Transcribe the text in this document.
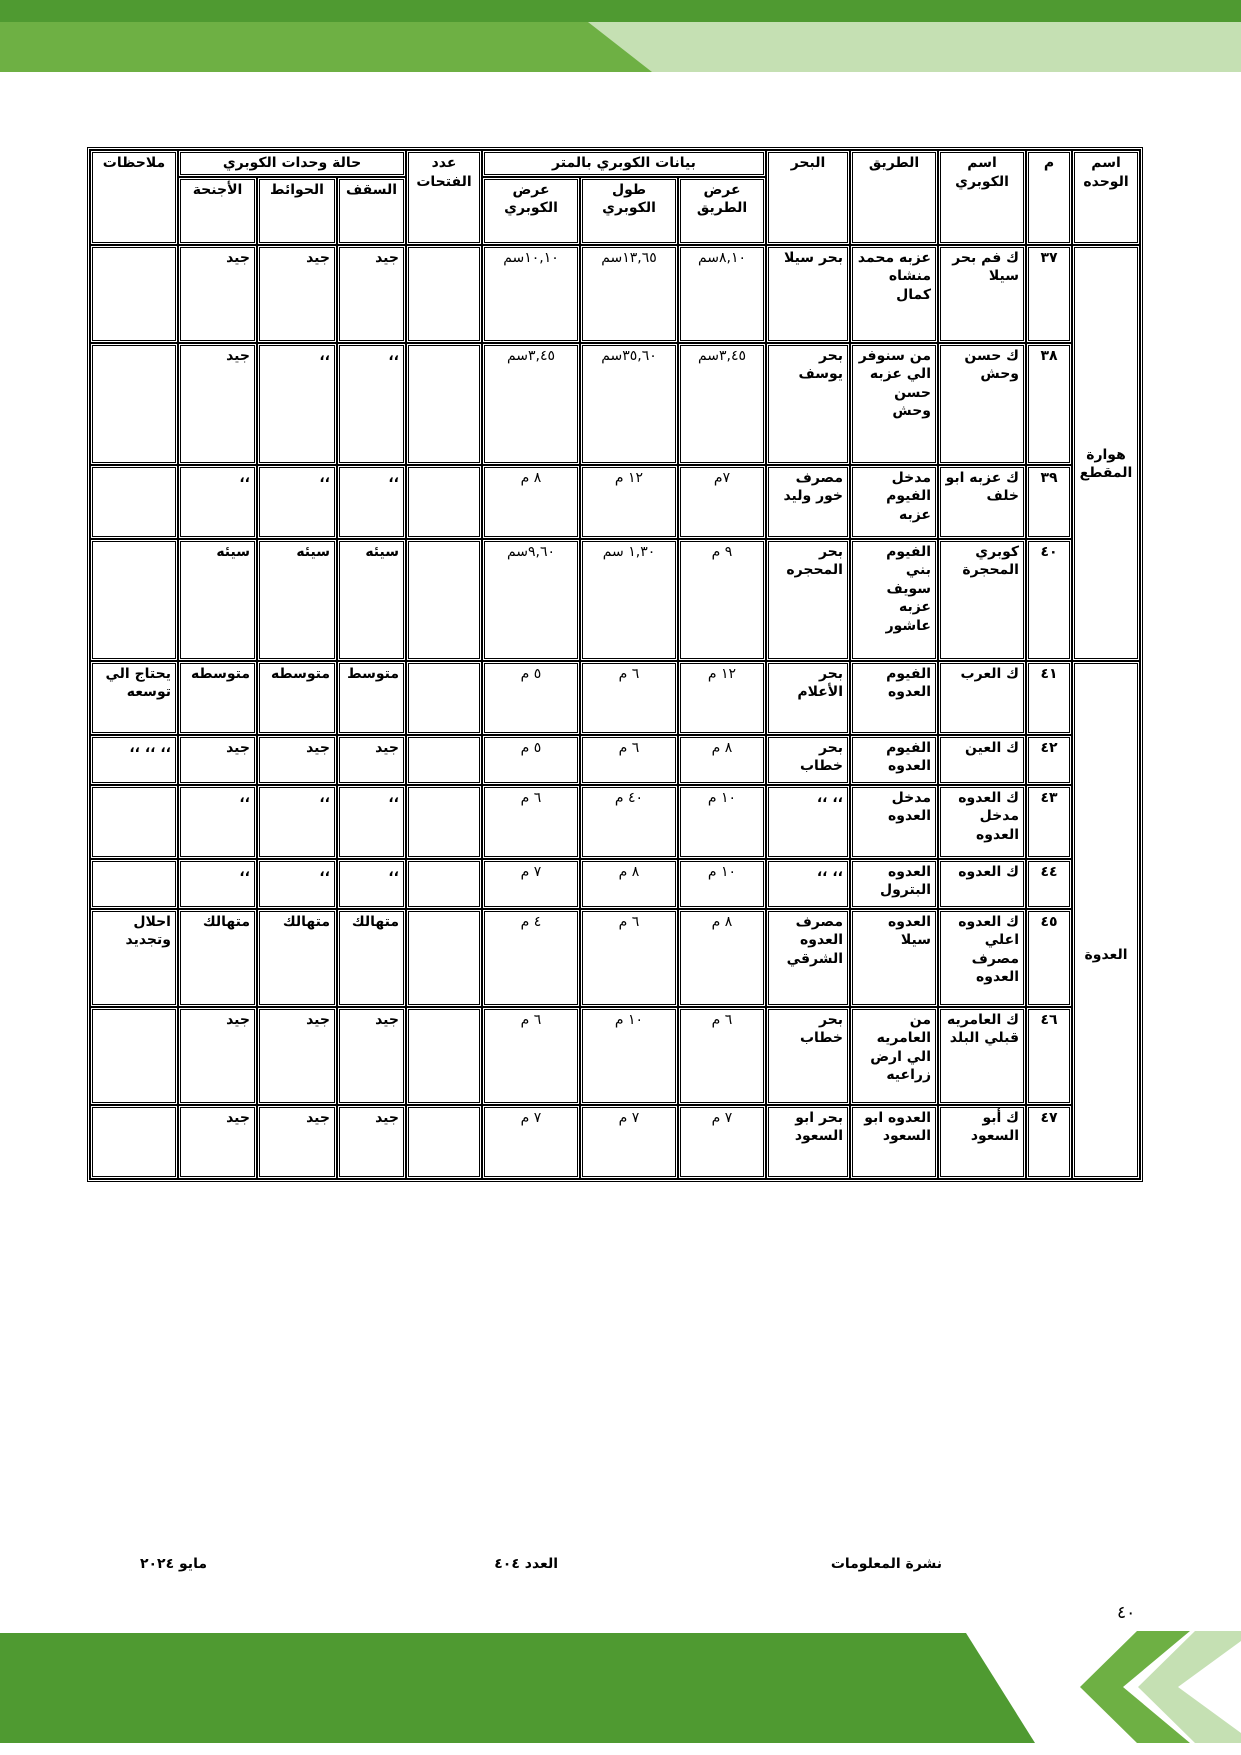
اسم الوحده	م	اسم الكوبري	الطريق	البحر	بيانات الكوبري بالمتر			عدد الفتحات	حالة وحدات الكوبري			ملاحظات
					عرض الطريق	طول الكوبري	عرض الكوبري		السقف	الحوائط	الأجنحة	
هوارة المقطع	٣٧	ك فم بحر سيلا	عزبه محمد منشاه كمال	بحر سيلا	٨,١٠سم	١٣,٦٥سم	١٠,١٠سم		جيد	جيد	جيد	
	٣٨	ك حسن وحش	من سنوفر الي عزبه حسن وحش	بحر يوسف	٣,٤٥سم	٣٥,٦٠سم	٣,٤٥سم		،،	،،	جيد	
	٣٩	ك عزبه ابو خلف	مدخل الفيوم عزبه	مصرف خور وليد	٧م	١٢ م	٨ م		،،	،،	،،	
	٤٠	كوبري المحجرة	الفيوم بني سويف عزبه عاشور	بحر المحجره	٩ م	١,٣٠ سم	٩,٦٠سم		سيئه	سيئه	سيئه	
العدوة	٤١	ك العرب	الفيوم العدوه	بحر الأعلام	١٢ م	٦ م	٥ م		متوسط	متوسطه	متوسطه	يحتاج الي توسعه
	٤٢	ك العين	الفيوم العدوه	بحر خطاب	٨ م	٦ م	٥ م		جيد	جيد	جيد	،، ،، ،،
	٤٣	ك العدوه مدخل العدوه	مدخل العدوه	،، ،،	١٠ م	٤٠ م	٦ م		،،	،،	،،	
	٤٤	ك العدوه	العدوه البترول	،، ،،	١٠ م	٨ م	٧ م		،،	،،	،،	
	٤٥	ك العدوه اعلي مصرف العدوه	العدوه سيلا	مصرف العدوه الشرقي	٨ م	٦ م	٤ م		متهالك	متهالك	متهالك	احلال وتجديد
	٤٦	ك العامريه قبلي البلد	من العامريه الي ارض زراعيه	بحر خطاب	٦ م	١٠ م	٦ م		جيد	جيد	جيد	
	٤٧	ك أبو السعود	العدوه ابو السعود	بحر ابو السعود	٧ م	٧ م	٧ م		جيد	جيد	جيد	
نشرة المعلومات
العدد ٤٠٤
مايو ٢٠٢٤
٤٠
